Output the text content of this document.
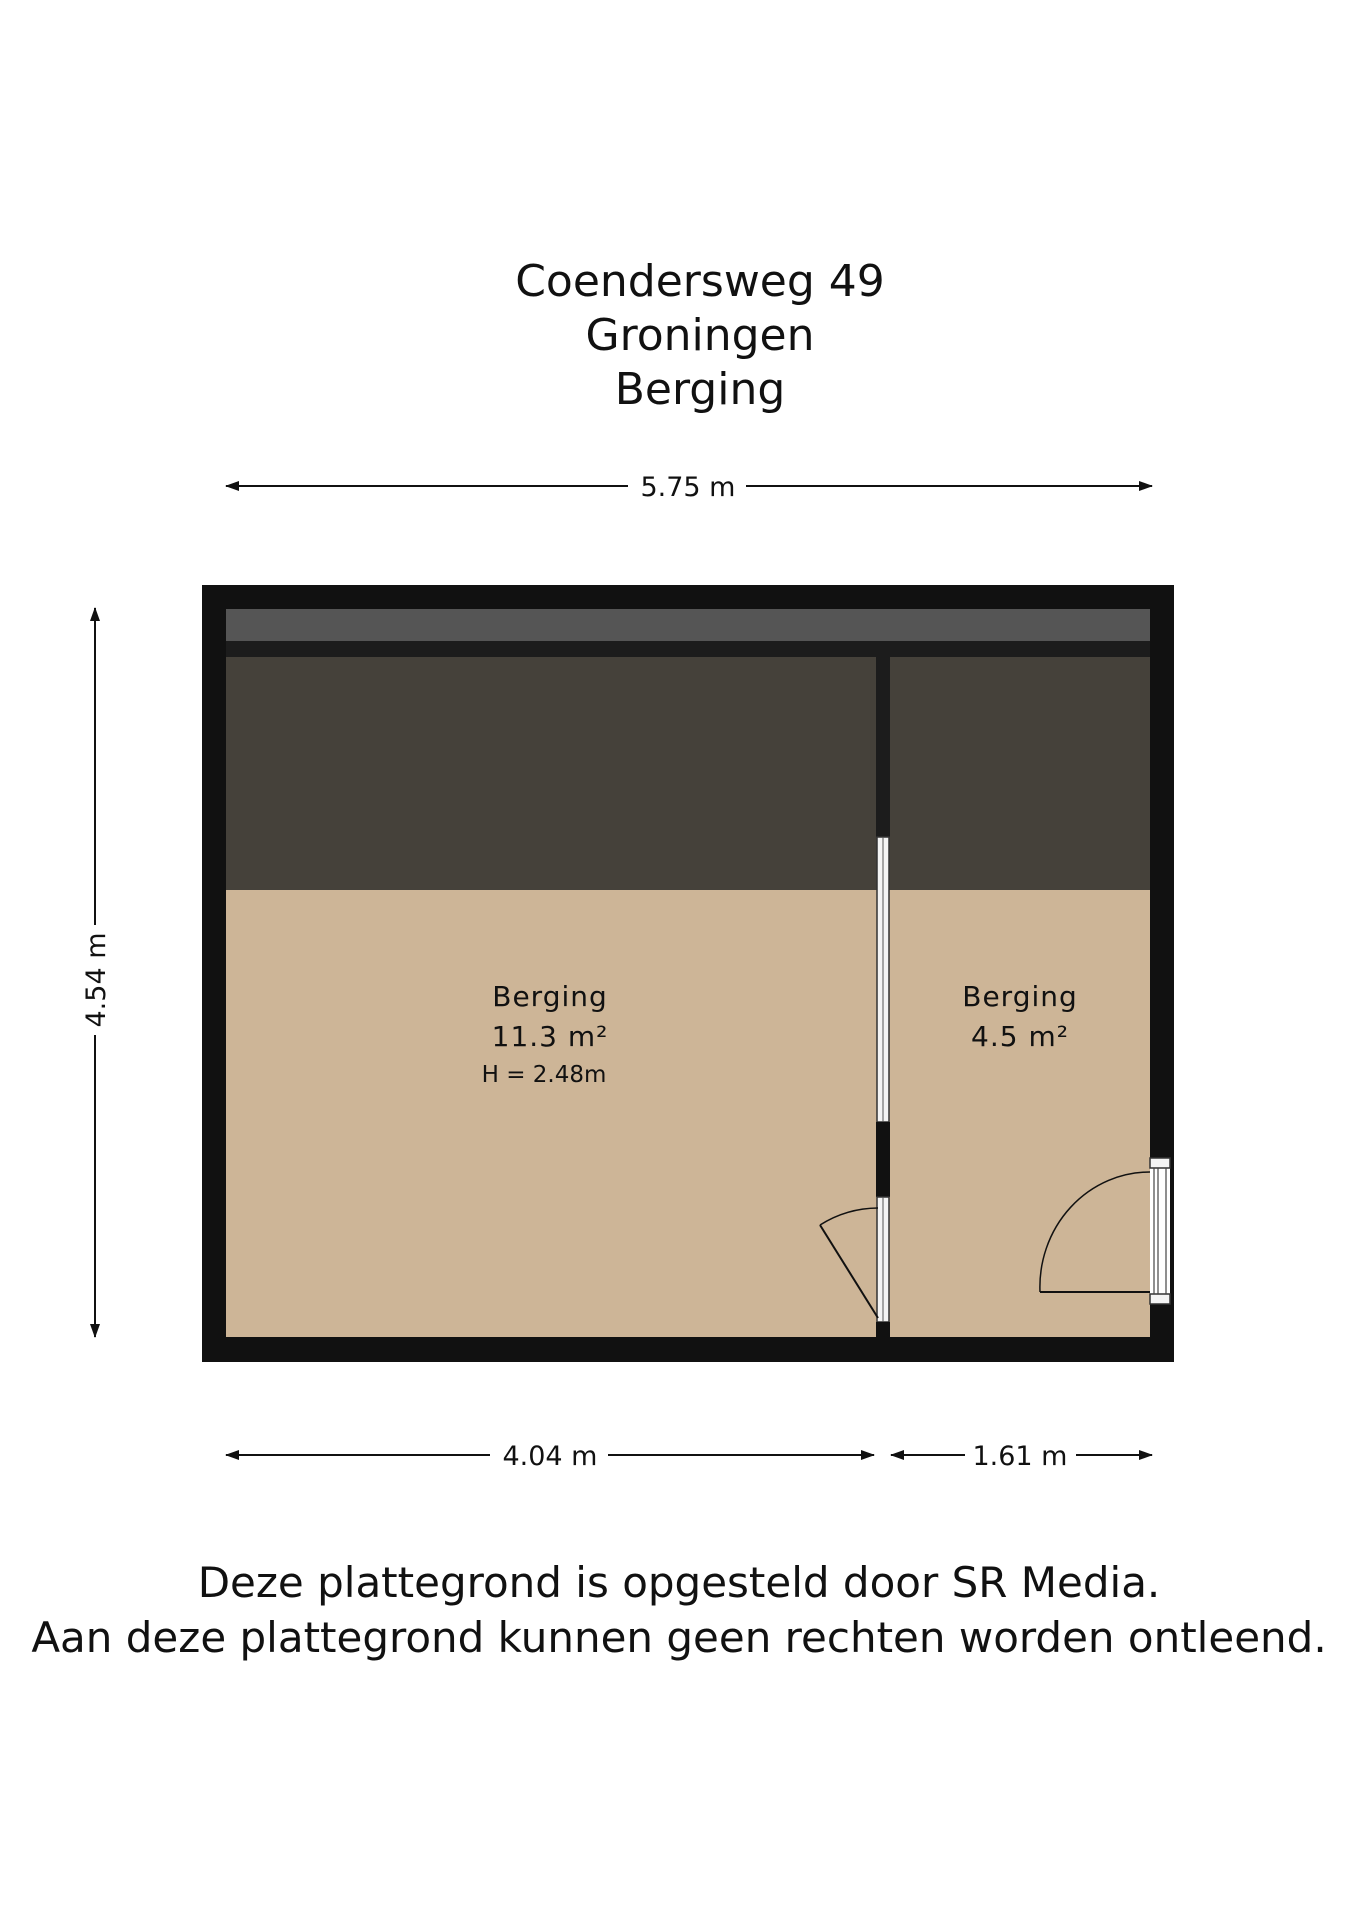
Coendersweg 49
Groningen
Berging
5.75 m
4.54 m	Berging
11.3 m²
H = 2.48m
Berging
4.5 m²
4.04 m	1.61 m
Deze plattegrond is opgesteld door SR Media.
Aan deze plattegrond kunnen geen rechten worden ontleend.
